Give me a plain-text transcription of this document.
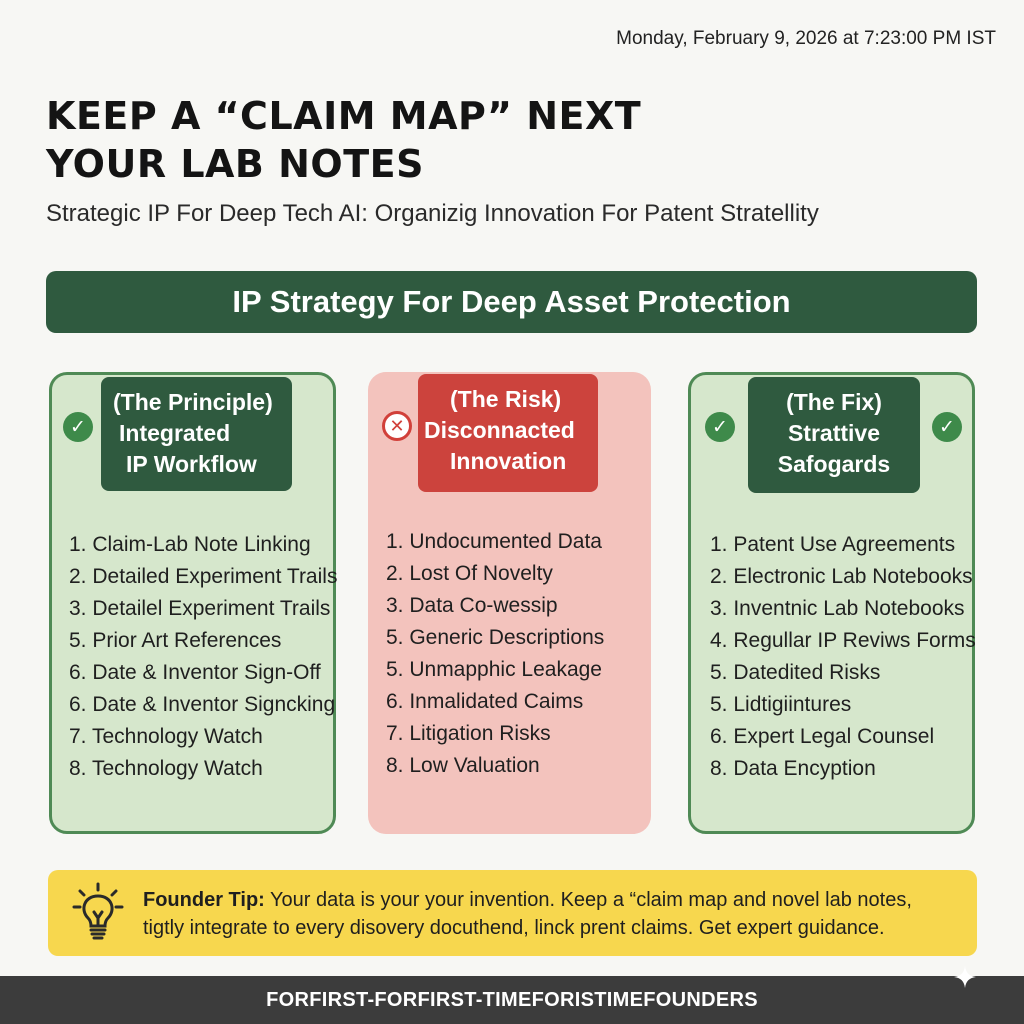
Monday, February 9, 2026 at 7:23:00 PM IST
KEEP A “CLAIM MAP” NEXT
YOUR LAB NOTES
Strategic IP For Deep Tech AI: Organizig Innovation For Patent Stratellity
IP Strategy For Deep Asset Protection
(The Principle)
Integrated
IP Workflow
✓
1. Claim-Lab Note Linking
2. Detailed Experiment Trails
3. Detailel Experiment Trails
5. Prior Art References
6. Date & Inventor Sign-Off
6. Date & Inventor Signcking
7. Technology Watch
8. Technology Watch
(The Risk)
Disconnacted
Innovation
✕
1. Undocumented Data
2. Lost Of Novelty
3. Data Co-wessip
5. Generic Descriptions
5. Unmapphic Leakage
6. Inmalidated Caims
7. Litigation Risks
8. Low Valuation
(The Fix)
Strattive
Safogards
✓	✓
1. Patent Use Agreements
2. Electronic Lab Notebooks
3. Inventnic Lab Notebooks
4. Regullar IP Reviws Forms
5. Datedited Risks
5. Lidtigiintures
6. Expert Legal Counsel
8. Data Encyption
Founder Tip: Your data is your your invention. Keep a “claim map and novel lab notes,
tigtly integrate to every disovery docuthend, linck prent claims. Get expert guidance.
FORFIRST-FORFIRST-TIMEFORISTIMEFOUNDERS
